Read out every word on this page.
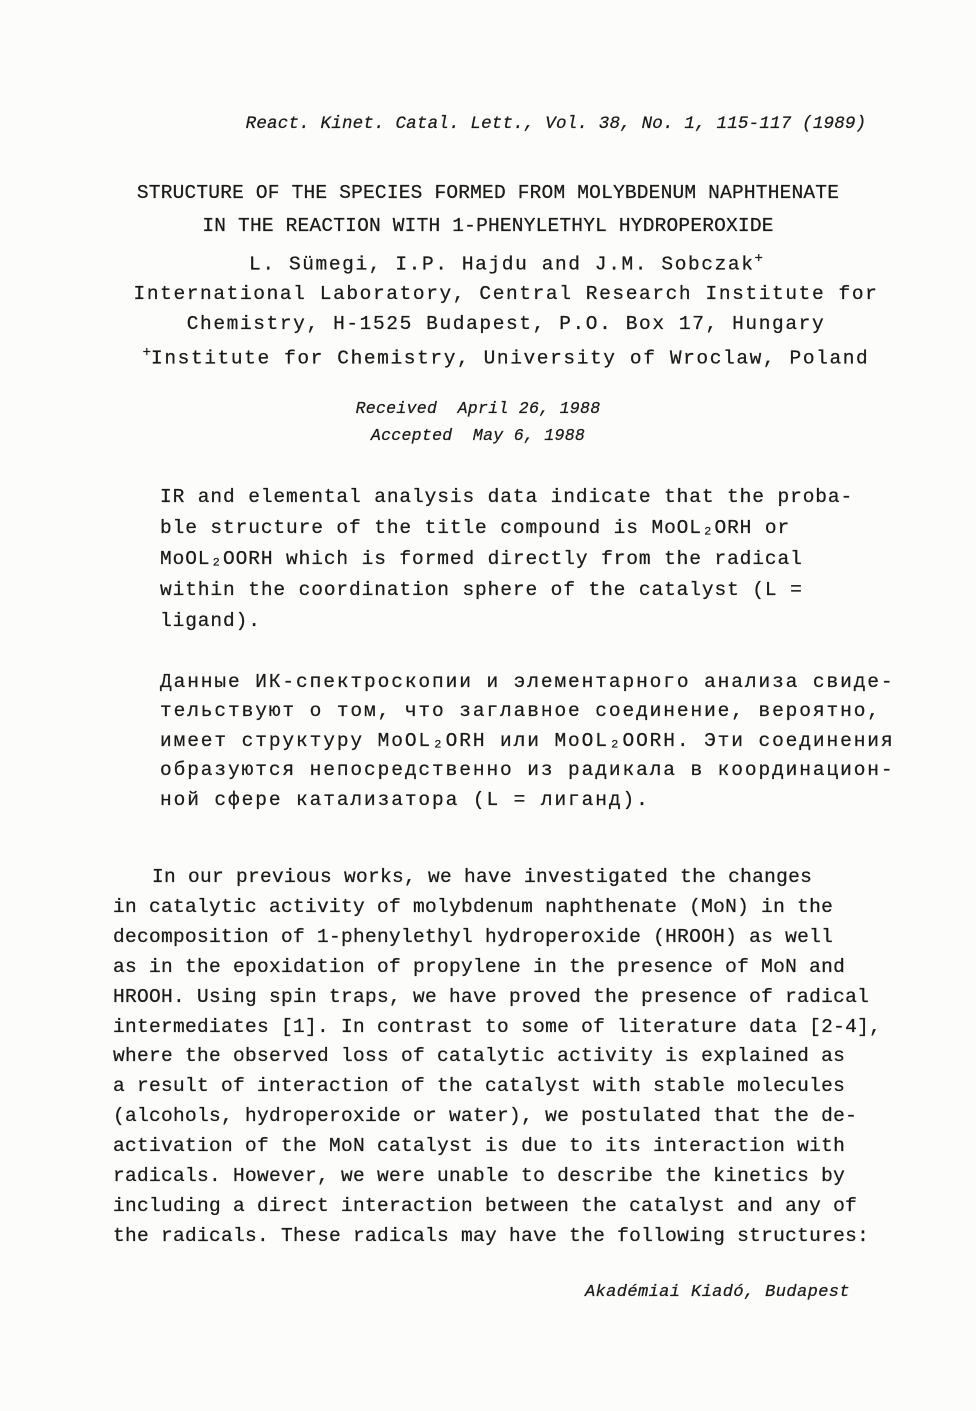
React. Kinet. Catal. Lett., Vol. 38, No. 1, 115-117 (1989)
STRUCTURE OF THE SPECIES FORMED FROM MOLYBDENUM NAPHTHENATE
IN THE REACTION WITH 1-PHENYLETHYL HYDROPEROXIDE
L. Sümegi, I.P. Hajdu and J.M. Sobczak+
International Laboratory, Central Research Institute for
Chemistry, H-1525 Budapest, P.O. Box 17, Hungary
+Institute for Chemistry, University of Wroclaw, Poland
Received  April 26, 1988
Accepted  May 6, 1988
IR and elemental analysis data indicate that the proba-
ble structure of the title compound is MoOL₂ORH or
MoOL₂OORH which is formed directly from the radical
within the coordination sphere of the catalyst (L =
ligand).
Данные ИК-спектроскопии и элементарного анализа свиде-
тельствуют о том, что заглавное соединение, вероятно,
имеет структуру MoOL₂ORH или MoOL₂OORH. Эти соединения
образуются непосредственно из радикала в координацион-
ной сфере катализатора (L = лиганд).
In our previous works, we have investigated the changes
in catalytic activity of molybdenum naphthenate (MoN) in the
decomposition of 1-phenylethyl hydroperoxide (HROOH) as well
as in the epoxidation of propylene in the presence of MoN and
HROOH. Using spin traps, we have proved the presence of radical
intermediates [1]. In contrast to some of literature data [2-4],
where the observed loss of catalytic activity is explained as
a result of interaction of the catalyst with stable molecules
(alcohols, hydroperoxide or water), we postulated that the de-
activation of the MoN catalyst is due to its interaction with
radicals. However, we were unable to describe the kinetics by
including a direct interaction between the catalyst and any of
the radicals. These radicals may have the following structures:
Akadémiai Kiadó, Budapest
